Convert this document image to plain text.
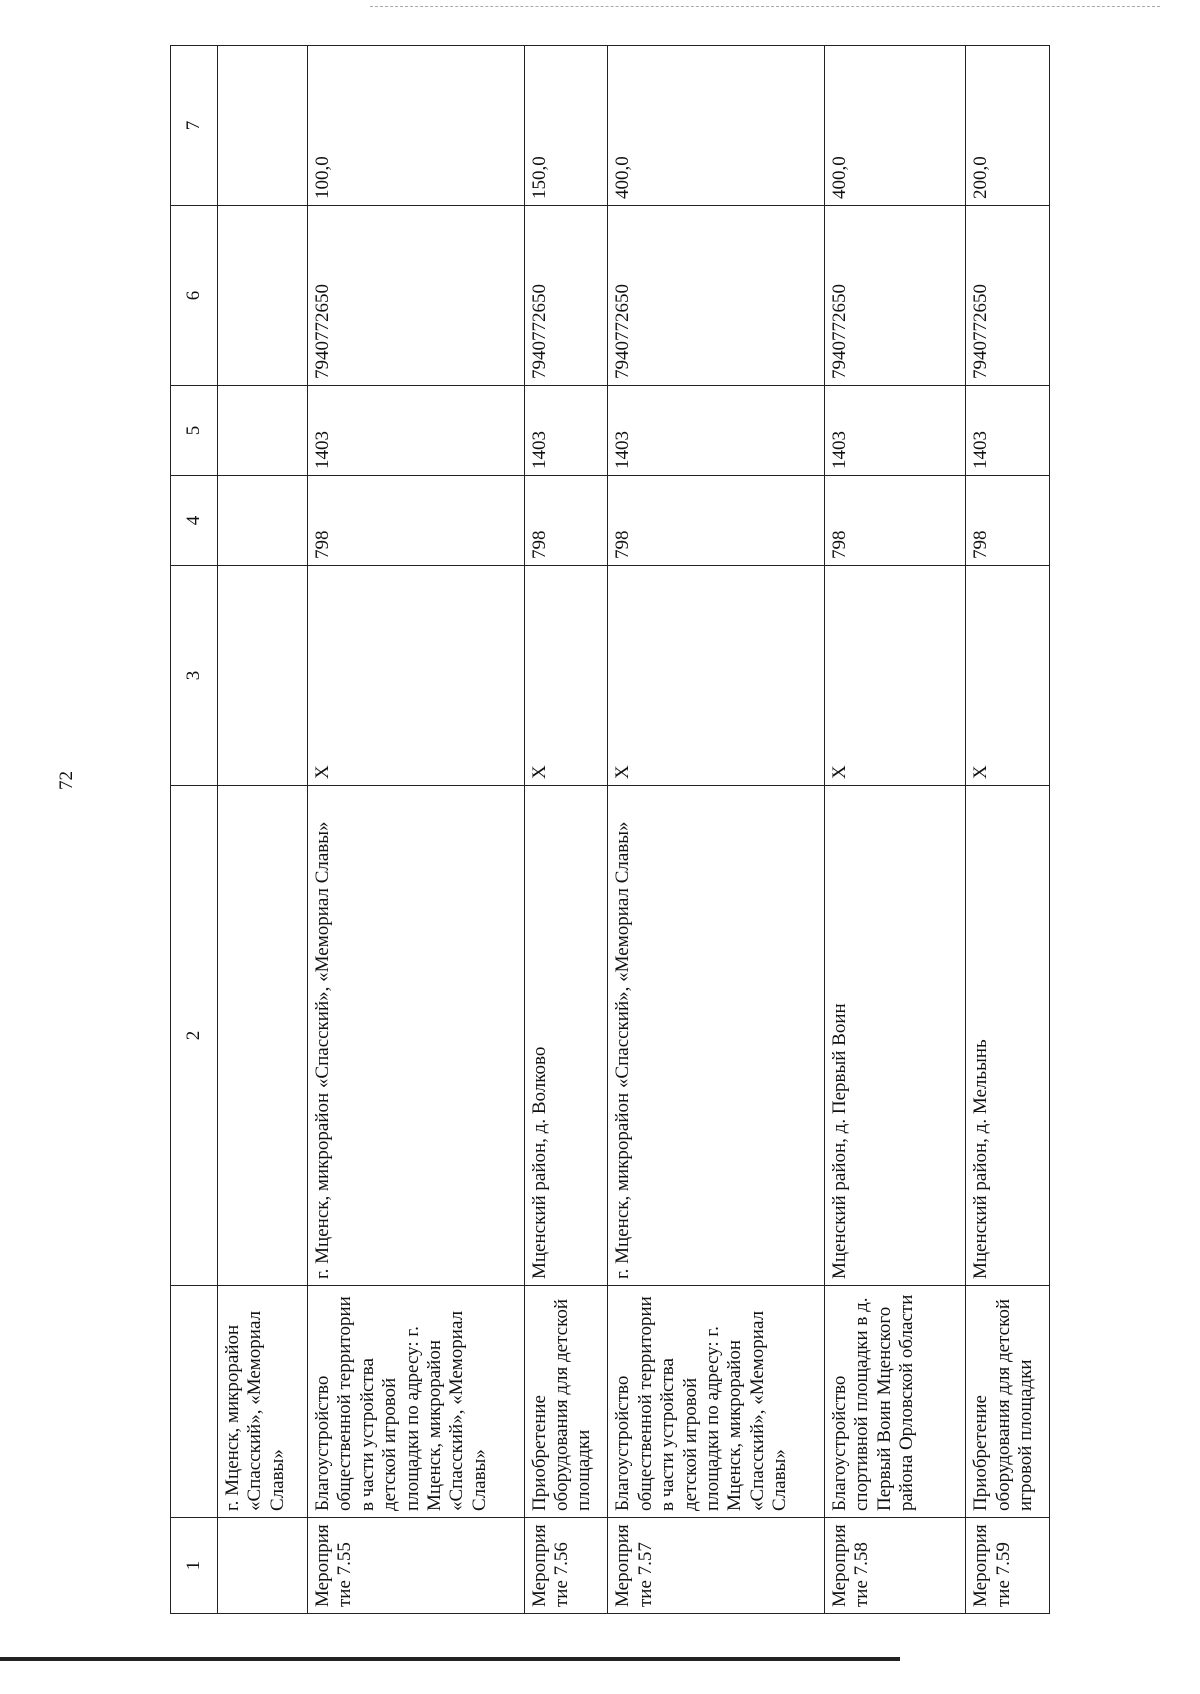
72
1		2	3	4	5	6	7
	г. Мценск, микрорайон «Спасский», «Мемориал Славы»						
Мероприятие 7.55	Благоустройство общественной территории в части устройства детской игровой площадки по адресу: г. Мценск, микрорайон «Спасский», «Мемориал Славы»	г. Мценск, микрорайон «Спасский», «Мемориал Славы»	Х	798	1403	7940772650	100,0
Мероприятие 7.56	Приобретение оборудования для детской площадки	Мценский район, д. Волково	Х	798	1403	7940772650	150,0
Мероприятие 7.57	Благоустройство общественной территории в части устройства детской игровой площадки по адресу: г. Мценск, микрорайон «Спасский», «Мемориал Славы»	г. Мценск, микрорайон «Спасский», «Мемориал Славы»	Х	798	1403	7940772650	400,0
Мероприятие 7.58	Благоустройство спортивной площадки в д. Первый Воин Мценского района Орловской области	Мценский район, д. Первый Воин	Х	798	1403	7940772650	400,0
Мероприятие 7.59	Приобретение оборудования для детской игровой площадки	Мценский район, д. Мельынь	Х	798	1403	7940772650	200,0
